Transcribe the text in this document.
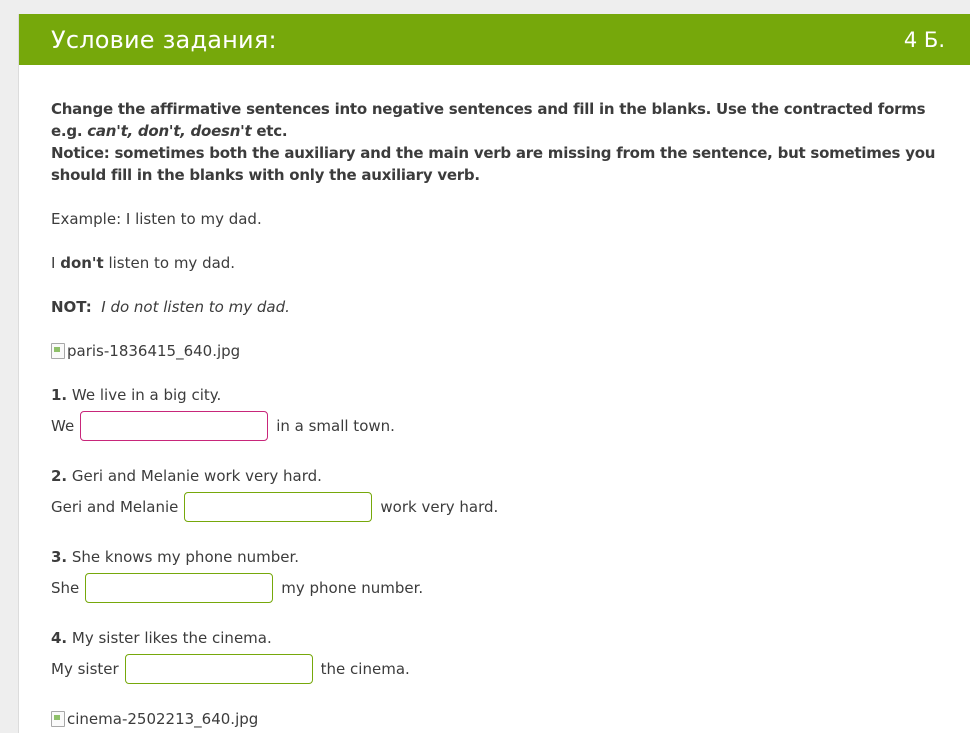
Условие задания:	4 Б.
Change the affirmative sentences into negative sentences and fill in the blanks. Use the contracted forms e.g. can't, don't, doesn't etc.
Notice: sometimes both the auxiliary and the main verb are missing from the sentence, but sometimes you should fill in the blanks with only the auxiliary verb.
Example: I listen to my dad.
I don't listen to my dad.
NOT: I do not listen to my dad.
paris-1836415_640.jpg
1. We live in a big city.
We	in a small town.
2. Geri and Melanie work very hard.
Geri and Melanie	work very hard.
3. She knows my phone number.
She	my phone number.
4. My sister likes the cinema.
My sister	the cinema.
cinema-2502213_640.jpg
